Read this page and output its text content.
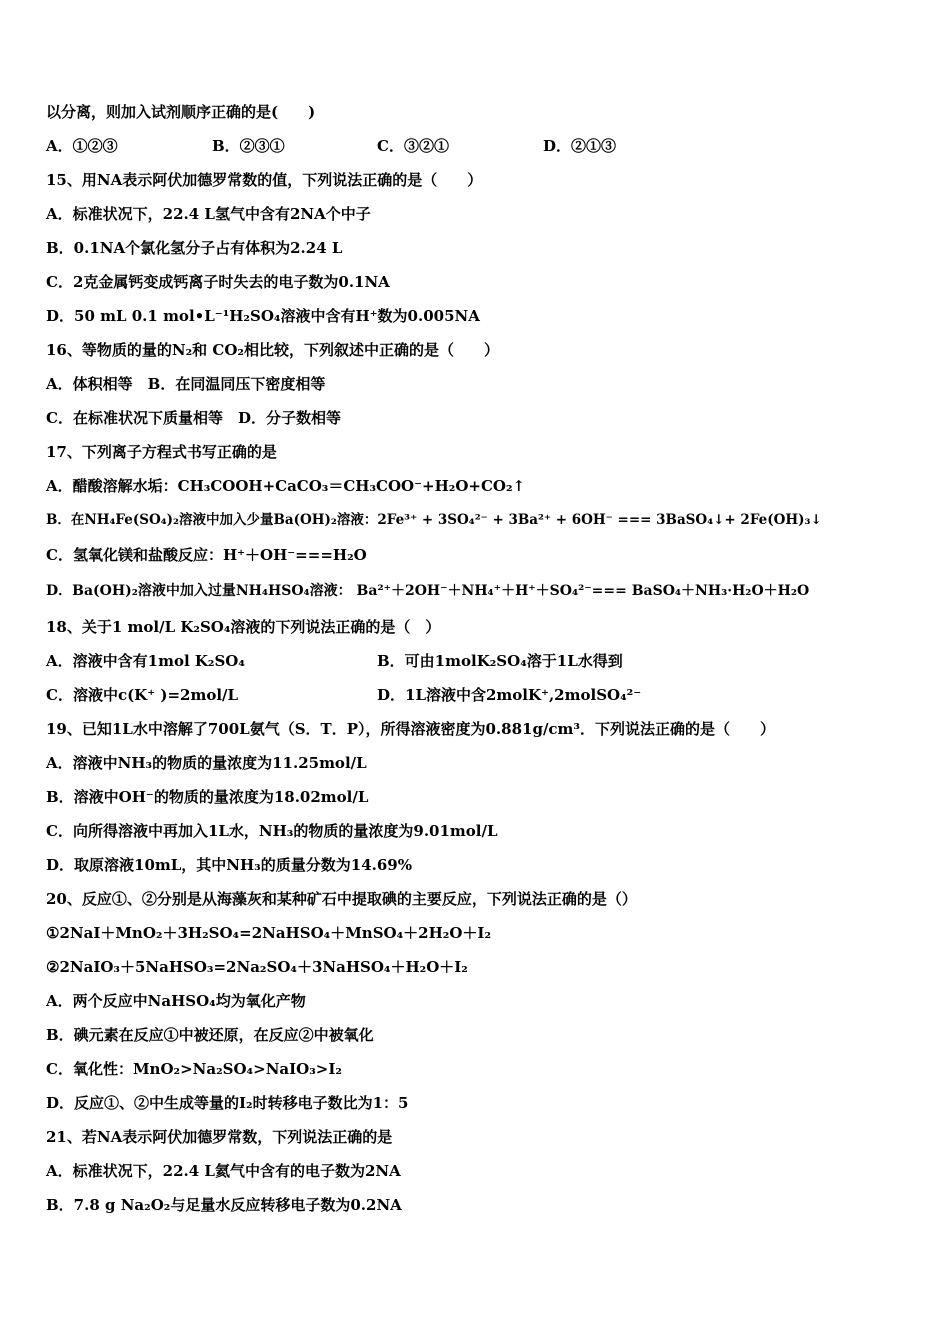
以分离，则加入试剂顺序正确的是(　　)
A．①②③	B．②③①	C．③②①	D．②①③
15、用NA表示阿伏加德罗常数的值，下列说法正确的是（　　）
A．标准状况下，22.4 L氢气中含有2NA个中子
B．0.1NA个氯化氢分子占有体积为2.24 L
C．2克金属钙变成钙离子时失去的电子数为0.1NA
D．50 mL 0.1 mol•L⁻¹H₂SO₄溶液中含有H⁺数为0.005NA
16、等物质的量的N₂和 CO₂相比较，下列叙述中正确的是（　　）
A．体积相等　B．在同温同压下密度相等
C．在标准状况下质量相等　D．分子数相等
17、下列离子方程式书写正确的是
A．醋酸溶解水垢：CH₃COOH+CaCO₃＝CH₃COO⁻+H₂O+CO₂↑
B．在NH₄Fe(SO₄)₂溶液中加入少量Ba(OH)₂溶液：2Fe³⁺ + 3SO₄²⁻ + 3Ba²⁺ + 6OH⁻ === 3BaSO₄↓+ 2Fe(OH)₃↓
C．氢氧化镁和盐酸反应：H⁺＋OH⁻===H₂O
D．Ba(OH)₂溶液中加入过量NH₄HSO₄溶液： Ba²⁺＋2OH⁻＋NH₄⁺＋H⁺＋SO₄²⁻=== BaSO₄＋NH₃·H₂O＋H₂O
18、关于1 mol/L K₂SO₄溶液的下列说法正确的是（　）
A．溶液中含有1mol K₂SO₄	B．可由1molK₂SO₄溶于1L水得到
C．溶液中c(K⁺ )=2mol/L	D．1L溶液中含2molK⁺,2molSO₄²⁻
19、已知1L水中溶解了700L氨气（S．T．P），所得溶液密度为0.881g/cm³．下列说法正确的是（　　）
A．溶液中NH₃的物质的量浓度为11.25mol/L
B．溶液中OH⁻的物质的量浓度为18.02mol/L
C．向所得溶液中再加入1L水，NH₃的物质的量浓度为9.01mol/L
D．取原溶液10mL，其中NH₃的质量分数为14.69%
20、反应①、②分别是从海藻灰和某种矿石中提取碘的主要反应，下列说法正确的是（）
①2NaI＋MnO₂＋3H₂SO₄=2NaHSO₄＋MnSO₄＋2H₂O＋I₂
②2NaIO₃＋5NaHSO₃=2Na₂SO₄＋3NaHSO₄＋H₂O＋I₂
A．两个反应中NaHSO₄均为氧化产物
B．碘元素在反应①中被还原，在反应②中被氧化
C．氧化性：MnO₂>Na₂SO₄>NaIO₃>I₂
D．反应①、②中生成等量的I₂时转移电子数比为1：5
21、若NA表示阿伏加德罗常数，下列说法正确的是
A．标准状况下，22.4 L氦气中含有的电子数为2NA
B．7.8 g Na₂O₂与足量水反应转移电子数为0.2NA
